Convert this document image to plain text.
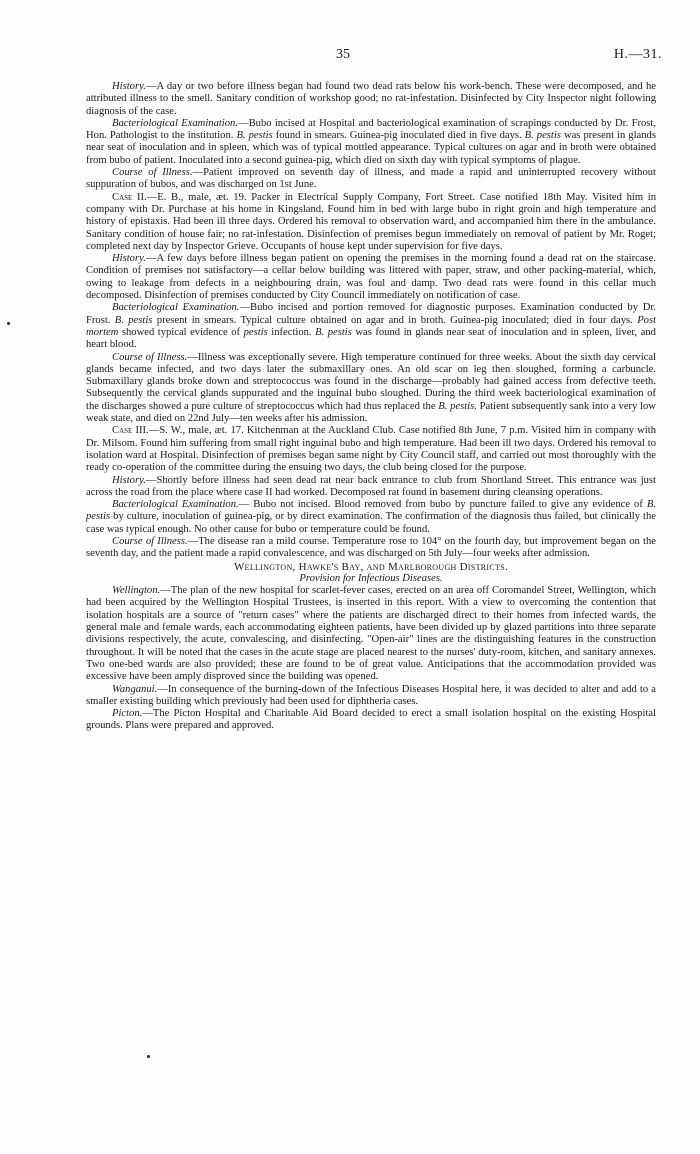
35	H.—31.

History.—A day or two before illness began had found two dead rats below his work-bench. These were decomposed, and he attributed illness to the smell. Sanitary condition of workshop good; no rat-infestation. Disinfected by City Inspector night following diagnosis of the case.

Bacteriological Examination.—Bubo incised at Hospital and bacteriological examination of scrapings conducted by Dr. Frost, Hon. Pathologist to the institution. B. pestis found in smears. Guinea-pig inoculated died in five days. B. pestis was present in glands near seat of inoculation and in spleen, which was of typical mottled appearance. Typical cultures on agar and in broth were obtained from bubo of patient. Inoculated into a second guinea-pig, which died on sixth day with typical symptoms of plague.

Course of Illness.—Patient improved on seventh day of illness, and made a rapid and uninterrupted recovery without suppuration of bubos, and was discharged on 1st June.

Case II.—E. B., male, æt. 19. Packer in Electrical Supply Company, Fort Street. Case notified 18th May. Visited him in company with Dr. Purchase at his home in Kingsland. Found him in bed with large bubo in right groin and high temperature and history of epistaxis. Had been ill three days. Ordered his removal to observation ward, and accompanied him there in the ambulance. Sanitary condition of house fair; no rat-infestation. Disinfection of premises begun immediately on removal of patient by Mr. Roget; completed next day by Inspector Grieve. Occupants of house kept under supervision for five days.

History.—A few days before illness began patient on opening the premises in the morning found a dead rat on the staircase. Condition of premises not satisfactory—a cellar below building was littered with paper, straw, and other packing-material, which, owing to leakage from defects in a neighbouring drain, was foul and damp. Two dead rats were found in this cellar much decomposed. Disinfection of premises conducted by City Council immediately on notification of case.

Bacteriological Examination.—Bubo incised and portion removed for diagnostic purposes. Examination conducted by Dr. Frost. B. pestis present in smears. Typical culture obtained on agar and in broth. Guinea-pig inoculated; died in four days. Post mortem showed typical evidence of pestis infection. B. pestis was found in glands near seat of inoculation and in spleen, liver, and heart blood.

Course of Illness.—Illness was exceptionally severe. High temperature continued for three weeks. About the sixth day cervical glands became infected, and two days later the submaxillary ones. An old scar on leg then sloughed, forming a carbuncle. Submaxillary glands broke down and streptococcus was found in the discharge—probably had gained access from defective teeth. Subsequently the cervical glands suppurated and the inguinal bubo sloughed. During the third week bacteriological examination of the discharges showed a pure culture of streptococcus which had thus replaced the B. pestis. Patient subsequently sank into a very low weak state, and died on 22nd July—ten weeks after his admission.

Case III.—S. W., male, æt. 17. Kitchenman at the Auckland Club. Case notified 8th June, 7 p.m. Visited him in company with Dr. Milsom. Found him suffering from small right inguinal bubo and high temperature. Had been ill two days. Ordered his removal to isolation ward at Hospital. Disinfection of premises began same night by City Council staff, and carried out most thoroughly with the ready co-operation of the committee during the ensuing two days, the club being closed for the purpose.

History.—Shortly before illness had seen dead rat near back entrance to club from Shortland Street. This entrance was just across the road from the place where case II had worked. Decomposed rat found in basement during cleansing operations.

Bacteriological Examination.— Bubo not incised. Blood removed from bubo by puncture failed to give any evidence of B. pestis by culture, inoculation of guinea-pig, or by direct examination. The confirmation of the diagnosis thus failed, but clinically the case was typical enough. No other cause for bubo or temperature could be found.

Course of Illness.—The disease ran a mild course. Temperature rose to 104° on the fourth day, but improvement began on the seventh day, and the patient made a rapid convalescence, and was discharged on 5th July—four weeks after admission.

Wellington, Hawke's Bay, and Marlborough Districts.

Provision for Infectious Diseases.

Wellington.—The plan of the new hospital for scarlet-fever cases, erected on an area off Coromandel Street, Wellington, which had been acquired by the Wellington Hospital Trustees, is inserted in this report. With a view to overcoming the contention that isolation hospitals are a source of "return cases" where the patients are discharged direct to their homes from infected wards, the general male and female wards, each accommodating eighteen patients, have been divided up by glazed partitions into three separate divisions respectively, the acute, convalescing, and disinfecting. "Open-air" lines are the distinguishing features in the construction throughout. It will be noted that the cases in the acute stage are placed nearest to the nurses' duty-room, kitchen, and sanitary annexes. Two one-bed wards are also provided; these are found to be of great value. Anticipations that the accommodation provided was excessive have been amply disproved since the building was opened.

Wanganui.—In consequence of the burning-down of the Infectious Diseases Hospital here, it was decided to alter and add to a smaller existing building which previously had been used for diphtheria cases.

Picton.—The Picton Hospital and Charitable Aid Board decided to erect a small isolation hospital on the existing Hospital grounds. Plans were prepared and approved.
